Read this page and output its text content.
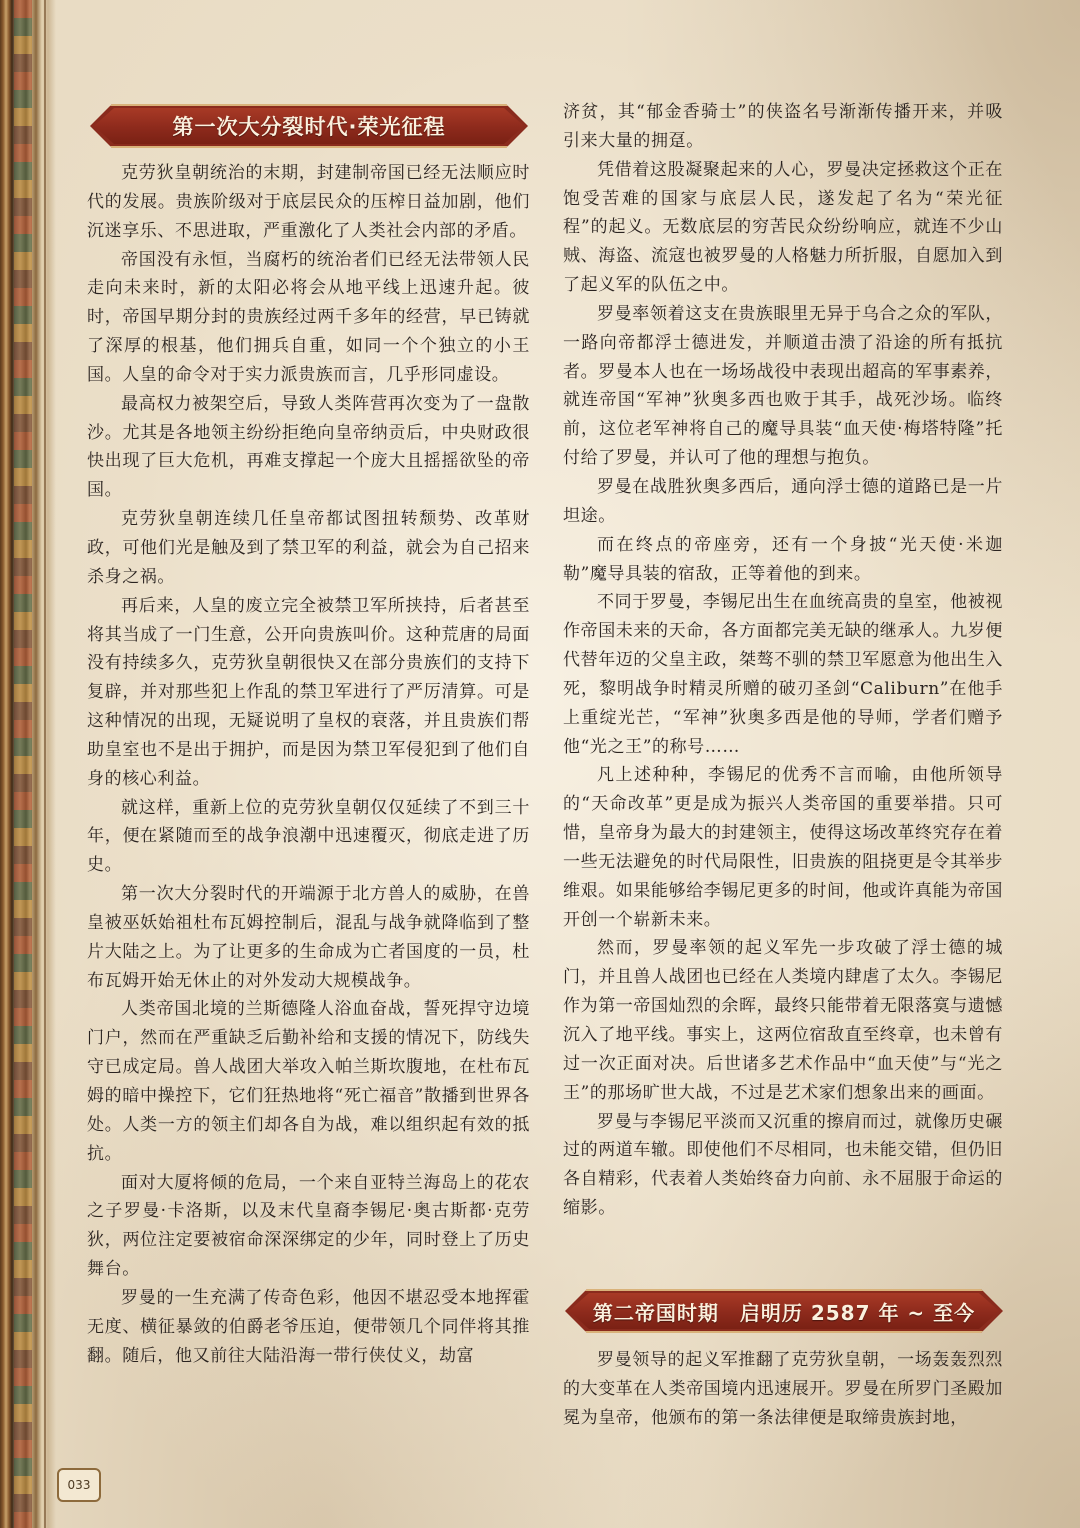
第一次大分裂时代·荣光征程

克劳狄皇朝统治的末期，封建制帝国已经无法顺应时代的发展。贵族阶级对于底层民众的压榨日益加剧，他们沉迷享乐、不思进取，严重激化了人类社会内部的矛盾。

帝国没有永恒，当腐朽的统治者们已经无法带领人民走向未来时，新的太阳必将会从地平线上迅速升起。彼时，帝国早期分封的贵族经过两千多年的经营，早已铸就了深厚的根基，他们拥兵自重，如同一个个独立的小王国。人皇的命令对于实力派贵族而言，几乎形同虚设。

最高权力被架空后，导致人类阵营再次变为了一盘散沙。尤其是各地领主纷纷拒绝向皇帝纳贡后，中央财政很快出现了巨大危机，再难支撑起一个庞大且摇摇欲坠的帝国。

克劳狄皇朝连续几任皇帝都试图扭转颓势、改革财政，可他们光是触及到了禁卫军的利益，就会为自己招来杀身之祸。

再后来，人皇的废立完全被禁卫军所挟持，后者甚至将其当成了一门生意，公开向贵族叫价。这种荒唐的局面没有持续多久，克劳狄皇朝很快又在部分贵族们的支持下复辟，并对那些犯上作乱的禁卫军进行了严厉清算。可是这种情况的出现，无疑说明了皇权的衰落，并且贵族们帮助皇室也不是出于拥护，而是因为禁卫军侵犯到了他们自身的核心利益。

就这样，重新上位的克劳狄皇朝仅仅延续了不到三十年，便在紧随而至的战争浪潮中迅速覆灭，彻底走进了历史。

第一次大分裂时代的开端源于北方兽人的威胁，在兽皇被巫妖始祖杜布瓦姆控制后，混乱与战争就降临到了整片大陆之上。为了让更多的生命成为亡者国度的一员，杜布瓦姆开始无休止的对外发动大规模战争。

人类帝国北境的兰斯德隆人浴血奋战，誓死捍守边境门户，然而在严重缺乏后勤补给和支援的情况下，防线失守已成定局。兽人战团大举攻入帕兰斯坎腹地，在杜布瓦姆的暗中操控下，它们狂热地将“死亡福音”散播到世界各处。人类一方的领主们却各自为战，难以组织起有效的抵抗。

面对大厦将倾的危局，一个来自亚特兰海岛上的花农之子罗曼·卡洛斯，以及末代皇裔李锡尼·奥古斯都·克劳狄，两位注定要被宿命深深绑定的少年，同时登上了历史舞台。

罗曼的一生充满了传奇色彩，他因不堪忍受本地挥霍无度、横征暴敛的伯爵老爷压迫，便带领几个同伴将其推翻。随后，他又前往大陆沿海一带行侠仗义，劫富

济贫，其“郁金香骑士”的侠盗名号渐渐传播开来，并吸引来大量的拥趸。

凭借着这股凝聚起来的人心，罗曼决定拯救这个正在饱受苦难的国家与底层人民，遂发起了名为“荣光征程”的起义。无数底层的穷苦民众纷纷响应，就连不少山贼、海盗、流寇也被罗曼的人格魅力所折服，自愿加入到了起义军的队伍之中。

罗曼率领着这支在贵族眼里无异于乌合之众的军队，一路向帝都浮士德进发，并顺道击溃了沿途的所有抵抗者。罗曼本人也在一场场战役中表现出超高的军事素养，就连帝国“军神”狄奥多西也败于其手，战死沙场。临终前，这位老军神将自己的魔导具装“血天使·梅塔特隆”托付给了罗曼，并认可了他的理想与抱负。

罗曼在战胜狄奥多西后，通向浮士德的道路已是一片坦途。

而在终点的帝座旁，还有一个身披“光天使·米迦勒”魔导具装的宿敌，正等着他的到来。

不同于罗曼，李锡尼出生在血统高贵的皇室，他被视作帝国未来的天命，各方面都完美无缺的继承人。九岁便代替年迈的父皇主政，桀骜不驯的禁卫军愿意为他出生入死，黎明战争时精灵所赠的破刃圣剑“Caliburn”在他手上重绽光芒，“军神”狄奥多西是他的导师，学者们赠予他“光之王”的称号……

凡上述种种，李锡尼的优秀不言而喻，由他所领导的“天命改革”更是成为振兴人类帝国的重要举措。只可惜，皇帝身为最大的封建领主，使得这场改革终究存在着一些无法避免的时代局限性，旧贵族的阻挠更是令其举步维艰。如果能够给李锡尼更多的时间，他或许真能为帝国开创一个崭新未来。

然而，罗曼率领的起义军先一步攻破了浮士德的城门，并且兽人战团也已经在人类境内肆虐了太久。李锡尼作为第一帝国灿烈的余晖，最终只能带着无限落寞与遗憾沉入了地平线。事实上，这两位宿敌直至终章，也未曾有过一次正面对决。后世诸多艺术作品中“血天使”与“光之王”的那场旷世大战，不过是艺术家们想象出来的画面。

罗曼与李锡尼平淡而又沉重的擦肩而过，就像历史碾过的两道车辙。即使他们不尽相同，也未能交错，但仍旧各自精彩，代表着人类始终奋力向前、永不屈服于命运的缩影。

第二帝国时期　启明历 2587 年 ~ 至今

罗曼领导的起义军推翻了克劳狄皇朝，一场轰轰烈烈的大变革在人类帝国境内迅速展开。罗曼在所罗门圣殿加冕为皇帝，他颁布的第一条法律便是取缔贵族封地，

033
